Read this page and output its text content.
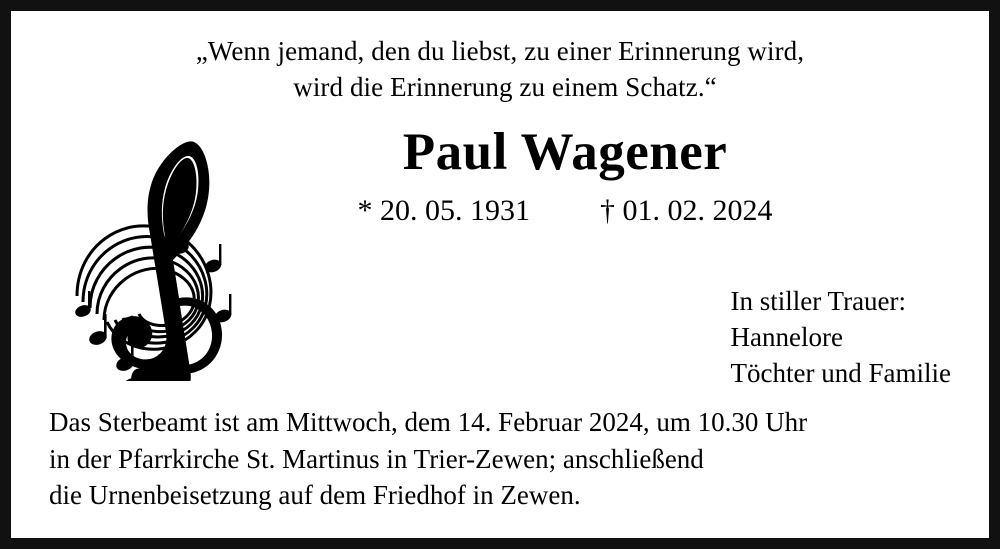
„Wenn jemand, den du liebst, zu einer Erinnerung wird,
wird die Erinnerung zu einem Schatz.“
Paul Wagener
* 20. 05. 1931 † 01. 02. 2024
In stiller Trauer:
Hannelore
Töchter und Familie
Das Sterbeamt ist am Mittwoch, dem 14. Februar 2024, um 10.30 Uhr
in der Pfarrkirche St. Martinus in Trier-Zewen; anschließend
die Urnenbeisetzung auf dem Friedhof in Zewen.
